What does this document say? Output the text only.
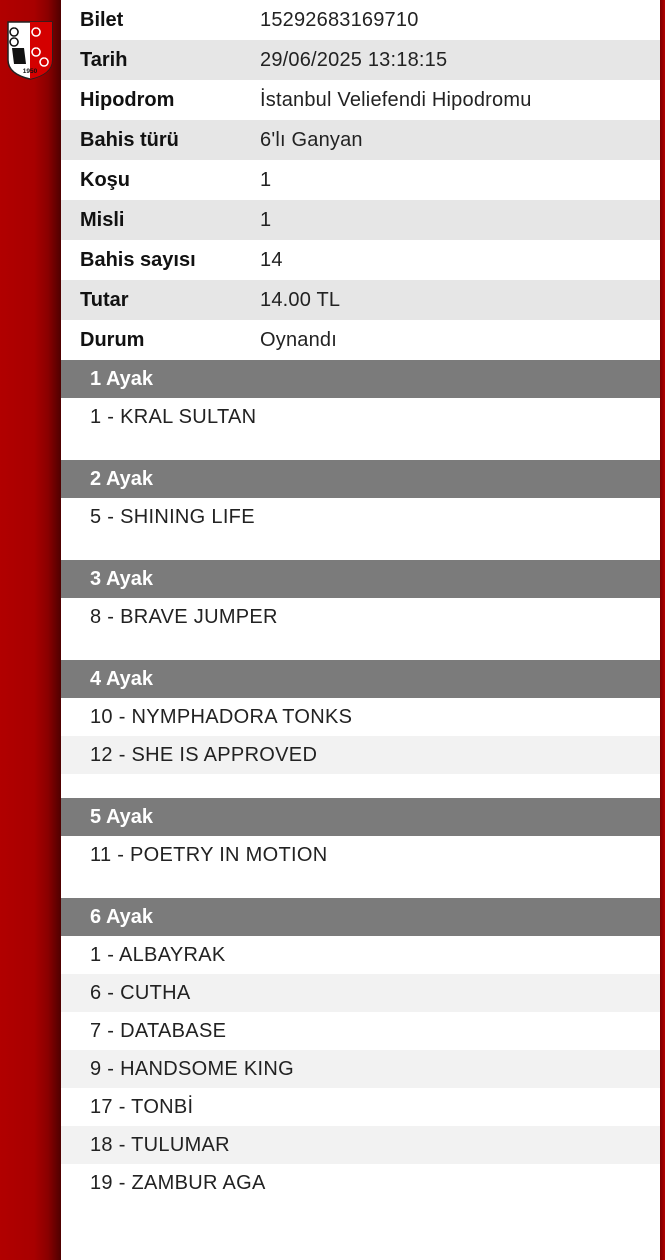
1950
Bilet	15292683169710
Tarih	29/06/2025 13:18:15
Hipodrom	İstanbul Veliefendi Hipodromu
Bahis türü	6'lı Ganyan
Koşu	1
Misli	1
Bahis sayısı	14
Tutar	14.00 TL
Durum	Oynandı
1 Ayak
1 - KRAL SULTAN
2 Ayak
5 - SHINING LIFE
3 Ayak
8 - BRAVE JUMPER
4 Ayak
10 - NYMPHADORA TONKS
12 - SHE IS APPROVED
5 Ayak
11 - POETRY IN MOTION
6 Ayak
1 - ALBAYRAK
6 - CUTHA
7 - DATABASE
9 - HANDSOME KING
17 - TONBİ
18 - TULUMAR
19 - ZAMBUR AGA
